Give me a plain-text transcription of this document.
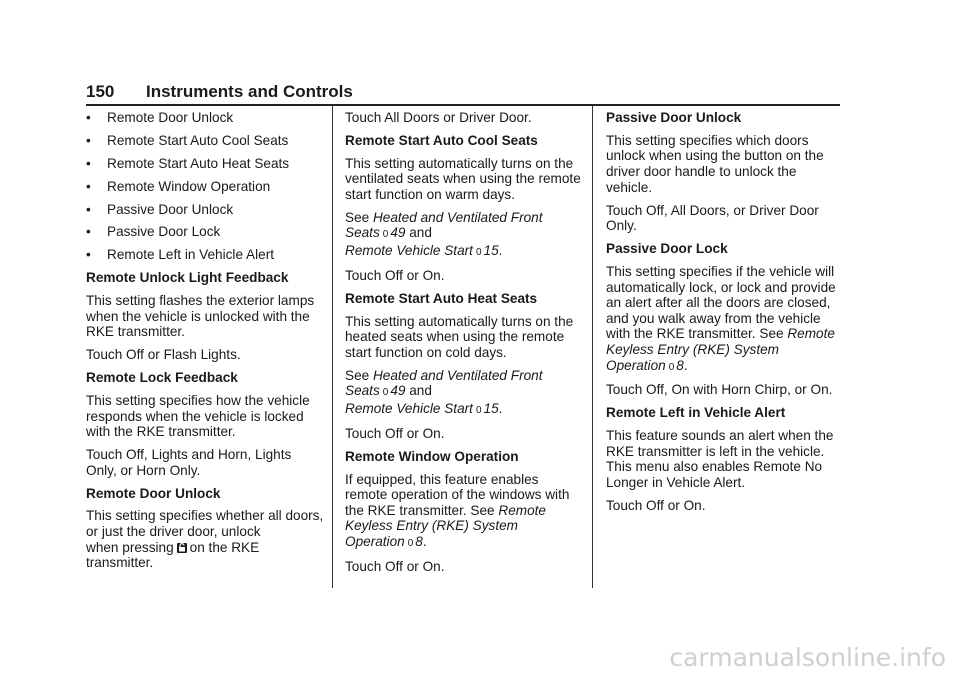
150 Instruments and Controls
•	Remote Door Unlock
•	Remote Start Auto Cool Seats
•	Remote Start Auto Heat Seats
•	Remote Window Operation
•	Passive Door Unlock
•	Passive Door Lock
•	Remote Left in Vehicle Alert

Remote Unlock Light Feedback

This setting flashes the exterior lamps when the vehicle is unlocked with the RKE transmitter.

Touch Off or Flash Lights.

Remote Lock Feedback

This setting specifies how the vehicle responds when the vehicle is locked with the RKE transmitter.

Touch Off, Lights and Horn, Lights Only, or Horn Only.

Remote Door Unlock

This setting specifies whether all doors, or just the driver door, unlock
when pressing on the RKE transmitter.

Touch All Doors or Driver Door.

Remote Start Auto Cool Seats

This setting automatically turns on the ventilated seats when using the remote start function on warm days.

See Heated and Ventilated Front Seats 0 49 and
Remote Vehicle Start 0 15.

Touch Off or On.

Remote Start Auto Heat Seats

This setting automatically turns on the heated seats when using the remote start function on cold days.

See Heated and Ventilated Front Seats 0 49 and
Remote Vehicle Start 0 15.

Touch Off or On.

Remote Window Operation

If equipped, this feature enables remote operation of the windows with the RKE transmitter. See Remote Keyless Entry (RKE) System Operation 0 8.

Touch Off or On.

Passive Door Unlock

This setting specifies which doors unlock when using the button on the driver door handle to unlock the vehicle.

Touch Off, All Doors, or Driver Door Only.

Passive Door Lock

This setting specifies if the vehicle will automatically lock, or lock and provide an alert after all the doors are closed, and you walk away from the vehicle with the RKE transmitter. See Remote Keyless Entry (RKE) System Operation 0 8.

Touch Off, On with Horn Chirp, or On.

Remote Left in Vehicle Alert

This feature sounds an alert when the RKE transmitter is left in the vehicle. This menu also enables Remote No Longer in Vehicle Alert.

Touch Off or On.

carmanualsonline.info
